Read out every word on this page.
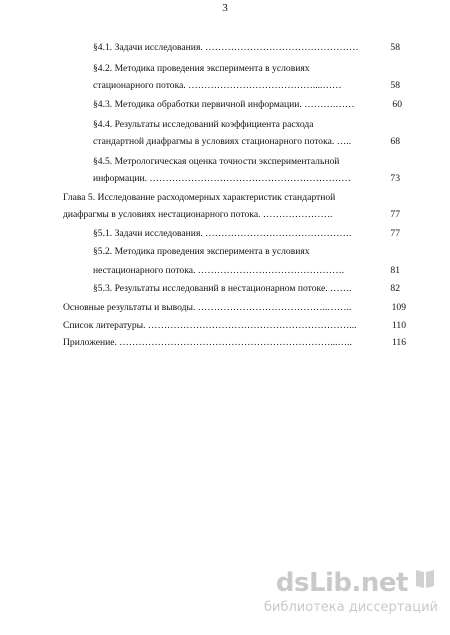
3
§4.1. Задачи исследования. …………………………………………	58
§4.2. Методика проведения эксперимента в условиях
стационарного потока. …………………………………....……	58
§4.3. Методика обработки первичной информации. ……….……	60
§4.4. Результаты исследований коэффициента расхода
стандартной диафрагмы в условиях стационарного потока. …..	68
§4.5. Метрологическая оценка точности экспериментальной
информации. ………………………………………………………	73
Глава 5. Исследование расходомерных характеристик стандартной
диафрагмы в условиях нестационарного потока. ………………….	77
§5.1. Задачи исследования. ……………………………………….	77
§5.2. Методика проведения эксперимента в условиях
нестационарного потока. ……………………………………….	81
§5.3. Результаты исследований в нестационарном потоке. …….	82
Основные результаты и выводы. …………………………………..……..	109
Список литературы. ………………………………………………………...	110
Приложение. …………………………………………………………...…..	116
dsLib.net
библиотека диссертаций
